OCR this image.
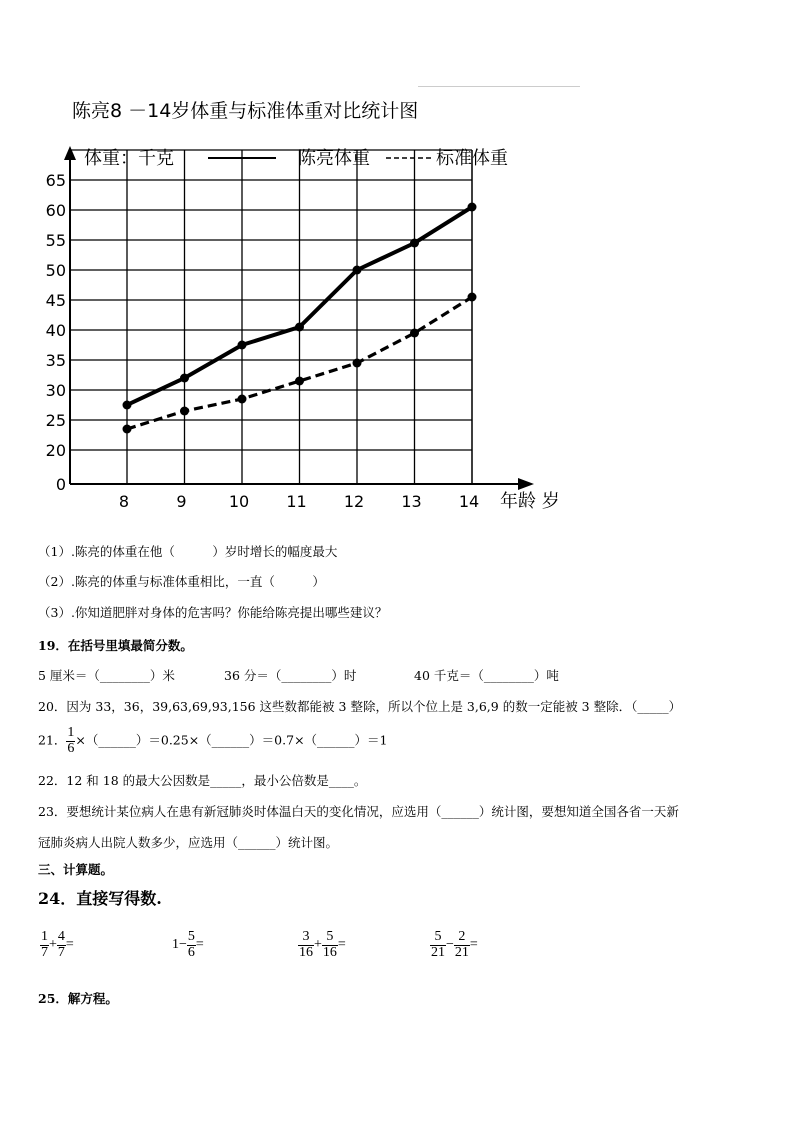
陈亮8 －14岁体重与标准体重对比统计图
体重：千克	陈亮体重	标准体重
0
20
25
30
35
40
45
50
55
60
65
8	9	10 11 12 13 14 年龄 岁
（1）.陈亮的体重在他（　　　）岁时增长的幅度最大
（2）.陈亮的体重与标准体重相比，一直（　　　）
（3）.你知道肥胖对身体的危害吗？你能给陈亮提出哪些建议？
19．在括号里填最简分数。
5 厘米＝（________）米	36 分＝（________）时	40 千克＝（________）吨
20．因为 33，36，39,63,69,93,156 这些数都能被 3 整除，所以个位上是 3,6,9 的数一定能被 3 整除．（_____）
21． $\frac{1}{6}$ ×（______）＝0.25×（______）＝0.7×（______）＝1
22．12 和 18 的最大公因数是_____，最小公倍数是____。
23．要想统计某位病人在患有新冠肺炎时体温白天的变化情况，应选用（______）统计图，要想知道全国各省一天新
冠肺炎病人出院人数多少，应选用（______）统计图。
三、计算题。
24．直接写得数.
$\frac{1}{7} + \frac{4}{7}$ =	$1- \frac{5}{6}$ =	$\frac{3}{16} + \frac{5}{16}$ =	$\frac{5}{21} - \frac{2}{21}$ =
25．解方程。
